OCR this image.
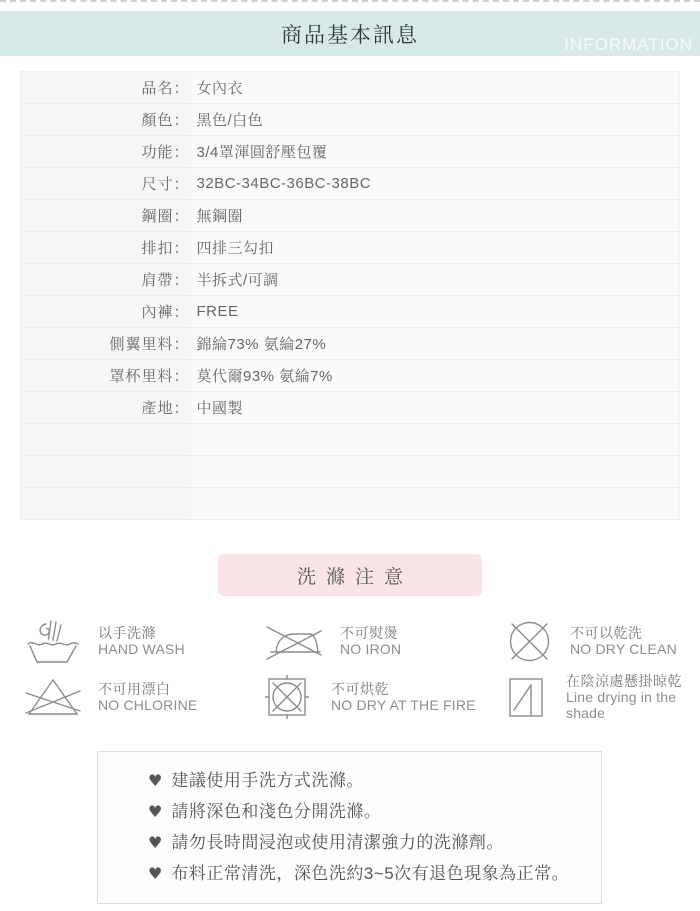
商品基本訊息	INFORMATION
品名：	女內衣
顏色：	黑色/白色
功能：	3/4罩渾圓舒壓包覆
尺寸：	32BC-34BC-36BC-38BC
鋼圈：	無鋼圈
排扣：	四排三勾扣
肩帶：	半拆式/可調
內褲：	FREE
側翼里料：	錦綸73% 氨綸27%
罩杯里料：	莫代爾93% 氨綸7%
產地：	中國製

洗滌注意
以手洗滌
HAND WASH
不可熨燙
NO IRON
不可以乾洗
NO DRY CLEAN
不可用漂白
NO CHLORINE
不可烘乾
NO DRY AT THE FIRE
在陰涼處懸掛晾乾
Line drying in the shade
♥ 建議使用手洗方式洗滌。
♥ 請將深色和淺色分開洗滌。
♥ 請勿長時間浸泡或使用清潔強力的洗滌劑。
♥ 布料正常清洗，深色洗約3~5次有退色現象為正常。
